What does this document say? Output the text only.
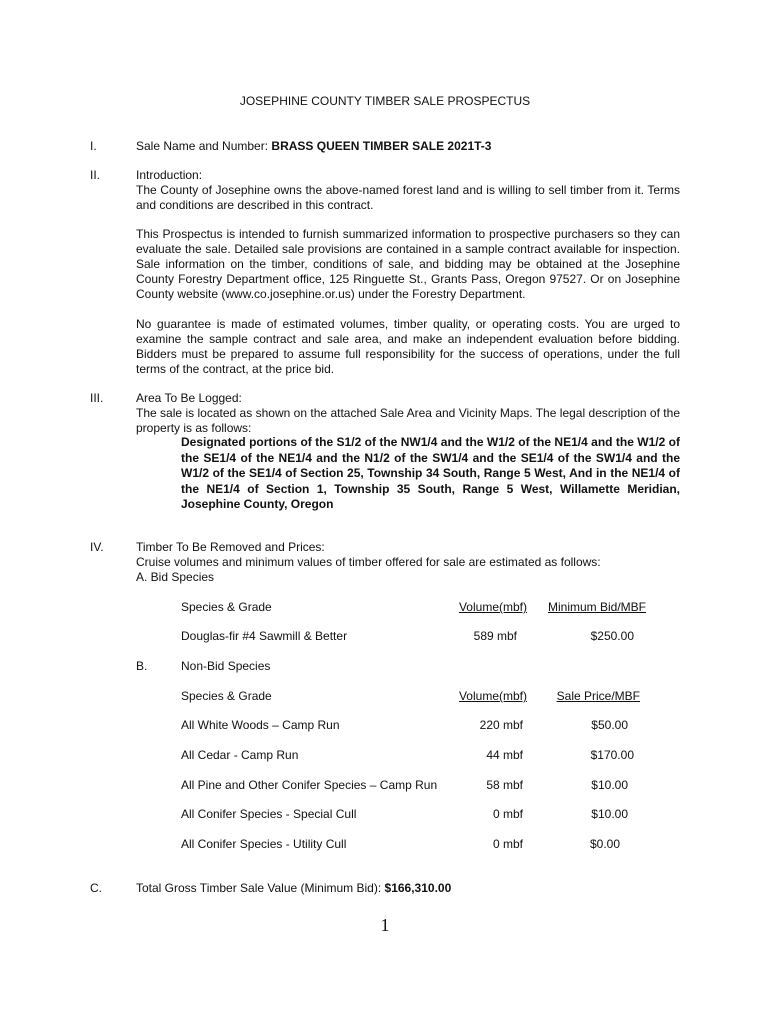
JOSEPHINE COUNTY TIMBER SALE PROSPECTUS
I.	Sale Name and Number: BRASS QUEEN TIMBER SALE 2021T-3
II.	Introduction:
The County of Josephine owns the above-named forest land and is willing to sell timber from it. Terms and conditions are described in this contract.
This Prospectus is intended to furnish summarized information to prospective purchasers so they can evaluate the sale. Detailed sale provisions are contained in a sample contract available for inspection. Sale information on the timber, conditions of sale, and bidding may be obtained at the Josephine County Forestry Department office, 125 Ringuette St., Grants Pass, Oregon 97527. Or on Josephine County website (www.co.josephine.or.us) under the Forestry Department.
No guarantee is made of estimated volumes, timber quality, or operating costs. You are urged to examine the sample contract and sale area, and make an independent evaluation before bidding. Bidders must be prepared to assume full responsibility for the success of operations, under the full terms of the contract, at the price bid.
III.	Area To Be Logged:
The sale is located as shown on the attached Sale Area and Vicinity Maps. The legal description of the property is as follows:
Designated portions of the S1/2 of the NW1/4 and the W1/2 of the NE1/4 and the W1/2 of the SE1/4 of the NE1/4 and the N1/2 of the SW1/4 and the SE1/4 of the SW1/4 and the W1/2 of the SE1/4 of Section 25, Township 34 South, Range 5 West, And in the NE1/4 of the NE1/4 of Section 1, Township 35 South, Range 5 West, Willamette Meridian, Josephine County, Oregon
IV.	Timber To Be Removed and Prices:
Cruise volumes and minimum values of timber offered for sale are estimated as follows:
A. Bid Species
Species & Grade	Volume(mbf)	Minimum Bid/MBF
Douglas-fir #4 Sawmill & Better	589 mbf	$250.00
B.	Non-Bid Species
Species & Grade	Volume(mbf)	Sale Price/MBF
All White Woods – Camp Run	220 mbf	$50.00
All Cedar - Camp Run	44 mbf	$170.00
All Pine and Other Conifer Species – Camp Run	58 mbf	$10.00
All Conifer Species - Special Cull	0 mbf	$10.00
All Conifer Species - Utility Cull	0 mbf	$0.00
C.	Total Gross Timber Sale Value (Minimum Bid): $166,310.00
1
